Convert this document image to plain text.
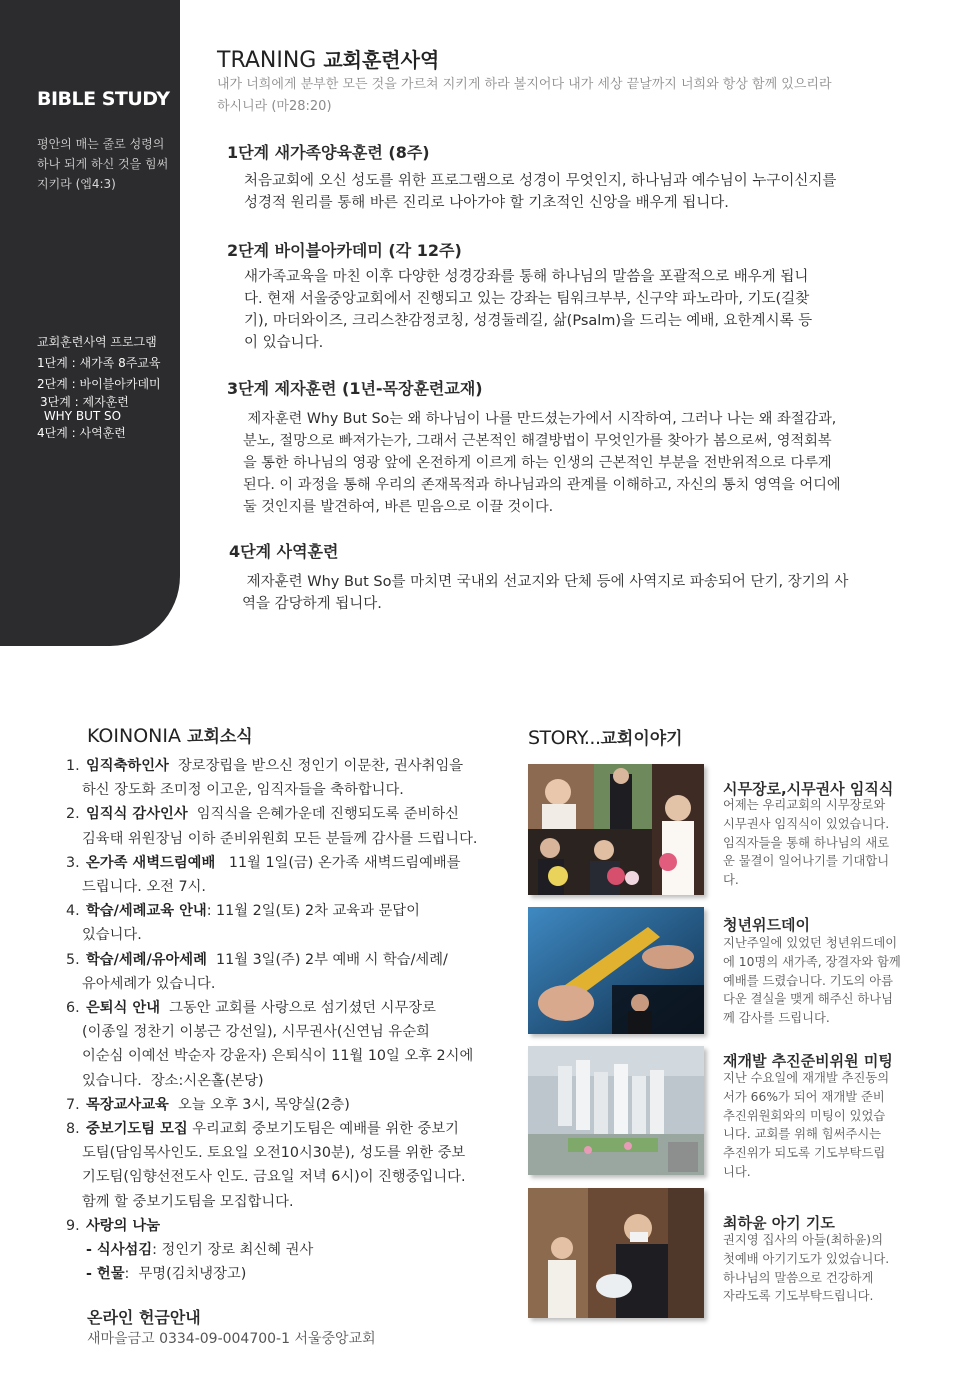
BIBLE STUDY
평안의 매는 줄로 성령의
하나 되게 하신 것을 힘써
지키라 (엡4:3)
교회훈련사역 프로그램
1단계 : 새가족 8주교육
2단계 : 바이블아카데미
3단계 : 제자훈련
WHY BUT SO
4단계 : 사역훈련
TRANING 교회훈련사역
내가 너희에게 분부한 모든 것을 가르쳐 지키게 하라 볼지어다 내가 세상 끝날까지 너희와 항상 함께 있으리라
하시니라 (마28:20)
1단계 새가족양육훈련 (8주)
처음교회에 오신 성도를 위한 프로그램으로 성경이 무엇인지, 하나님과 예수님이 누구이신지를
성경적 원리를 통해 바른 진리로 나아가야 할 기초적인 신앙을 배우게 됩니다.
2단계 바이블아카데미 (각 12주)
새가족교육을 마친 이후 다양한 성경강좌를 통해 하나님의 말씀을 포괄적으로 배우게 됩니
다. 현재 서울중앙교회에서 진행되고 있는 강좌는 팀워크부부, 신구약 파노라마, 기도(길찾
기), 마더와이즈, 크리스챤감정코칭, 성경둘레길, 삶(Psalm)을 드리는 예배, 요한계시록 등
이 있습니다.
3단계 제자훈련 (1년-목장훈련교재)
제자훈련 Why But So는 왜 하나님이 나를 만드셨는가에서 시작하여, 그러나 나는 왜 좌절감과,
분노, 절망으로 빠져가는가, 그래서 근본적인 해결방법이 무엇인가를 찾아가 봄으로써, 영적회복
을 통한 하나님의 영광 앞에 온전하게 이르게 하는 인생의 근본적인 부분을 전반위적으로 다루게
된다. 이 과정을 통해 우리의 존재목적과 하나님과의 관계를 이해하고, 자신의 통치 영역을 어디에
둘 것인지를 발견하여, 바른 믿음으로 이끌 것이다.
4단계 사역훈련
제자훈련 Why But So를 마치면 국내외 선교지와 단체 등에 사역지로 파송되어 단기, 장기의 사
역을 감당하게 됩니다.
KOINONIA 교회소식
1. 임직축하인사  장로장립을 받으신 정인기 이문찬, 권사취임을
하신 장도화 조미정 이고운, 임직자들을 축하합니다.
2. 임직식 감사인사  임직식을 은혜가운데 진행되도록 준비하신
김육태 위원장님 이하 준비위원회 모든 분들께 감사를 드립니다.
3. 온가족 새벽드림예배   11월 1일(금) 온가족 새벽드림예배를
드립니다. 오전 7시.
4. 학습/세례교육 안내: 11월 2일(토) 2차 교육과 문답이
있습니다.
5. 학습/세례/유아세례  11월 3일(주) 2부 예배 시 학습/세례/
유아세례가 있습니다.
6. 은퇴식 안내  그동안 교회를 사랑으로 섬기셨던 시무장로
(이종일 정찬기 이봉근 강선일), 시무권사(신연님 유순희
이순심 이예선 박순자 강윤자) 은퇴식이 11월 10일 오후 2시에
있습니다.  장소:시온홀(본당)
7. 목장교사교육  오늘 오후 3시, 목양실(2층)
8. 중보기도팀 모집 우리교회 중보기도팀은 예배를 위한 중보기
도팀(담임목사인도. 토요일 오전10시30분), 성도를 위한 중보
기도팀(임향선전도사 인도. 금요일 저녁 6시)이 진행중입니다.
함께 할 중보기도팀을 모집합니다.
9. 사랑의 나눔
- 식사섬김: 정인기 장로 최신혜 권사
- 헌물:  무명(김치냉장고)
온라인 헌금안내
새마을금고 0334-09-004700-1 서울중앙교회
STORY...교회이야기
시무장로,시무권사 임직식
어제는 우리교회의 시무장로와
시무권사 임직식이 있었습니다.
임직자들을 통해 하나님의 새로
운 물결이 일어나기를 기대합니
다.
청년위드데이
지난주일에 있었던 청년위드데이
에 10명의 새가족, 장결자와 함께
예배를 드렸습니다. 기도의 아름
다운 결실을 맺게 해주신 하나님
께 감사를 드립니다.
재개발 추진준비위원 미팅
지난 수요일에 재개발 추진동의
서가 66%가 되어 재개발 준비
추진위원회와의 미팅이 있었습
니다. 교회를 위해 힘써주시는
추진위가 되도록 기도부탁드립
니다.
최하윤 아기 기도
권지영 집사의 아들(최하윤)의
첫예배 아기기도가 있었습니다.
하나님의 말씀으로 건강하게
자라도록 기도부탁드립니다.
